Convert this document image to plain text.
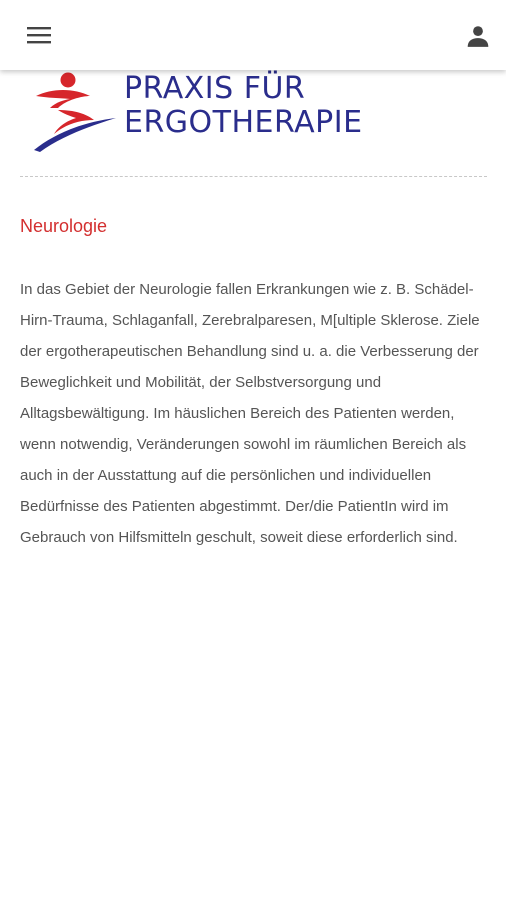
PRAXIS FÜR
ERGOTHERAPIE
Neurologie

In das Gebiet der Neurologie fallen Erkrankungen wie z. B. Schädel-Hirn-Trauma, Schlaganfall, Zerebralparesen, M[ultiple Sklerose. Ziele der ergotherapeutischen Behandlung sind u. a. die Verbesserung der Beweglichkeit und Mobilität, der Selbstversorgung und Alltagsbewältigung. Im häuslichen Bereich des Patienten werden, wenn notwendig, Veränderungen sowohl im räumlichen Bereich als auch in der Ausstattung auf die persönlichen und individuellen Bedürfnisse des Patienten abgestimmt. Der/die PatientIn wird im Gebrauch von Hilfsmitteln geschult, soweit diese erforderlich sind.
